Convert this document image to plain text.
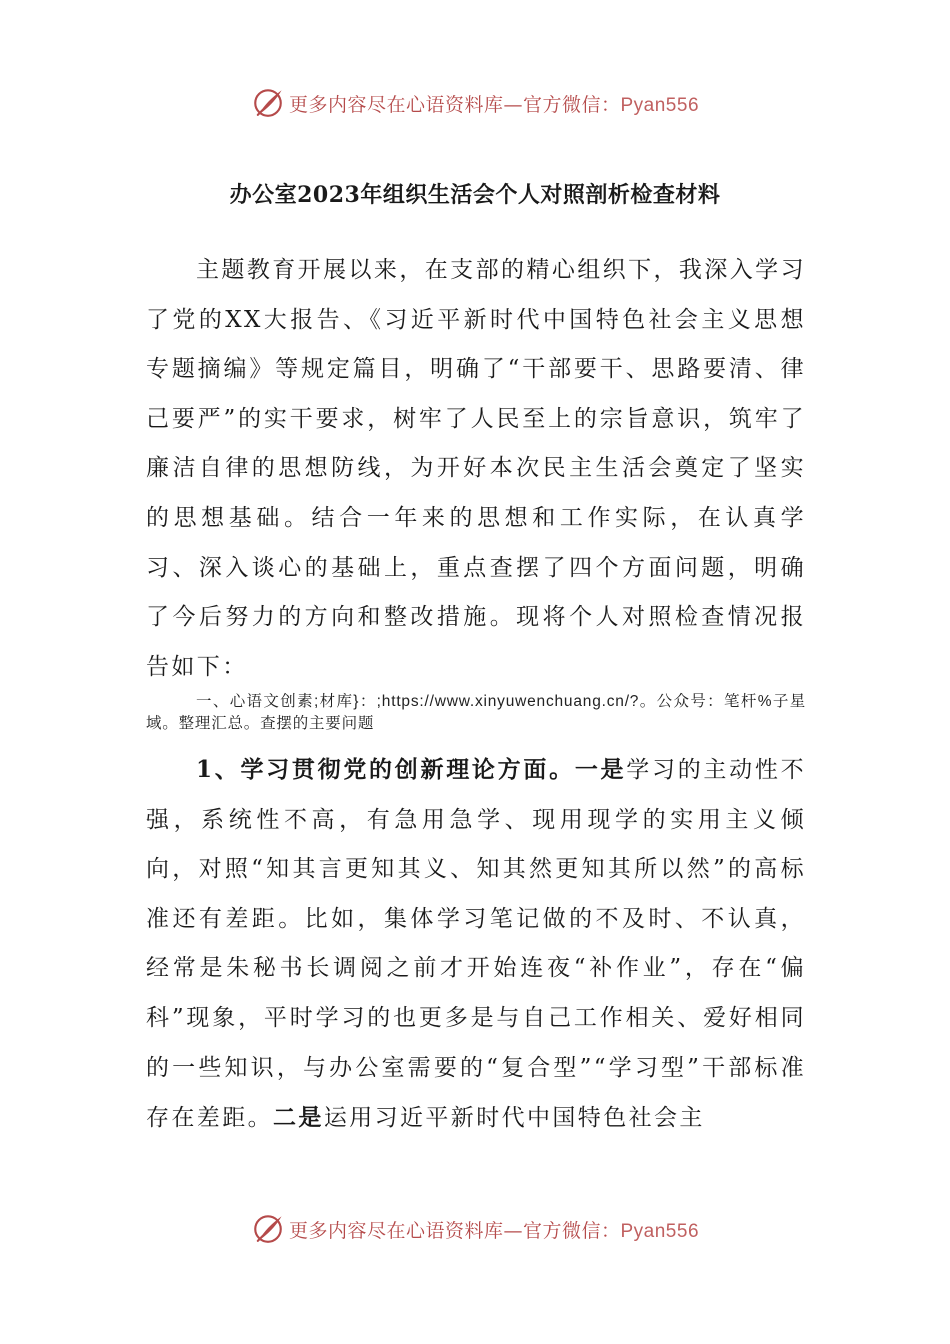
更多内容尽在心语资料库—官方微信：Pyan556
办公室2023年组织生活会个人对照剖析检查材料

主题教育开展以来，在支部的精心组织下，我深入学习了党的XX大报告、《习近平新时代中国特色社会主义思想专题摘编》等规定篇目，明确了“干部要干、思路要清、律己要严”的实干要求，树牢了人民至上的宗旨意识，筑牢了廉洁自律的思想防线，为开好本次民主生活会奠定了坚实的思想基础。结合一年来的思想和工作实际，在认真学习、深入谈心的基础上，重点查摆了四个方面问题，明确了今后努力的方向和整改措施。现将个人对照检查情况报告如下：

一、心语文创素;材库}：;https://www.xinyuwenchuang.cn/?。公众号：笔杆%子星域。整理汇总。查摆的主要问题

1、学习贯彻党的创新理论方面。一是学习的主动性不强，系统性不高，有急用急学、现用现学的实用主义倾向，对照“知其言更知其义、知其然更知其所以然”的高标准还有差距。比如，集体学习笔记做的不及时、不认真，经常是朱秘书长调阅之前才开始连夜“补作业”，存在“偏科”现象，平时学习的也更多是与自己工作相关、爱好相同的一些知识，与办公室需要的“复合型”“学习型”干部标准存在差距。二是运用习近平新时代中国特色社会主

更多内容尽在心语资料库—官方微信：Pyan556
